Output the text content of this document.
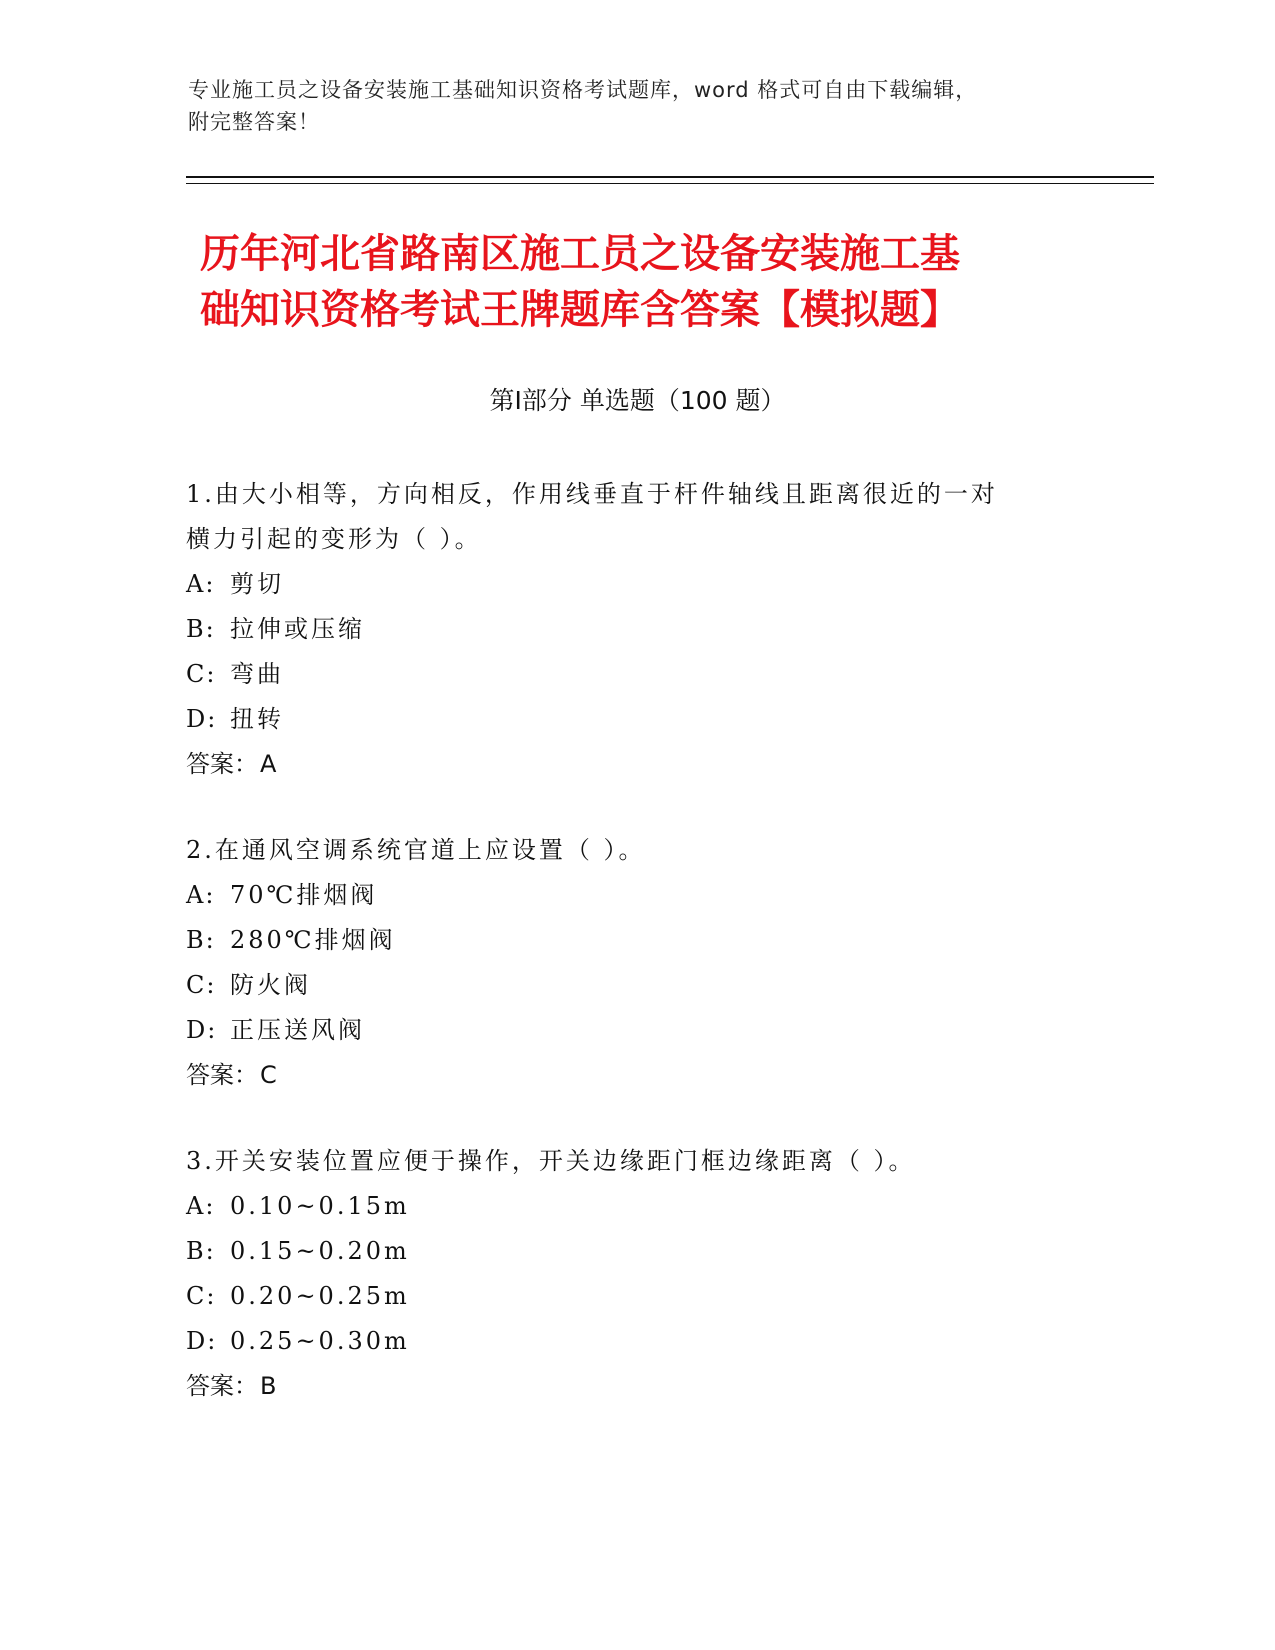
专业施工员之设备安装施工基础知识资格考试题库，word 格式可自由下载编辑，
附完整答案！
历年河北省路南区施工员之设备安装施工基
础知识资格考试王牌题库含答案【模拟题】
第Ⅰ部分 单选题（100 题）
1.由大小相等，方向相反，作用线垂直于杆件轴线且距离很近的一对
横力引起的变形为（ ）。
A: 剪切
B: 拉伸或压缩
C: 弯曲
D: 扭转
答案：A
2.在通风空调系统官道上应设置（ ）。
A: 70℃排烟阀
B: 280℃排烟阀
C: 防火阀
D: 正压送风阀
答案：C
3.开关安装位置应便于操作，开关边缘距门框边缘距离（ ）。
A: 0.10~0.15m
B: 0.15~0.20m
C: 0.20~0.25m
D: 0.25~0.30m
答案：B
